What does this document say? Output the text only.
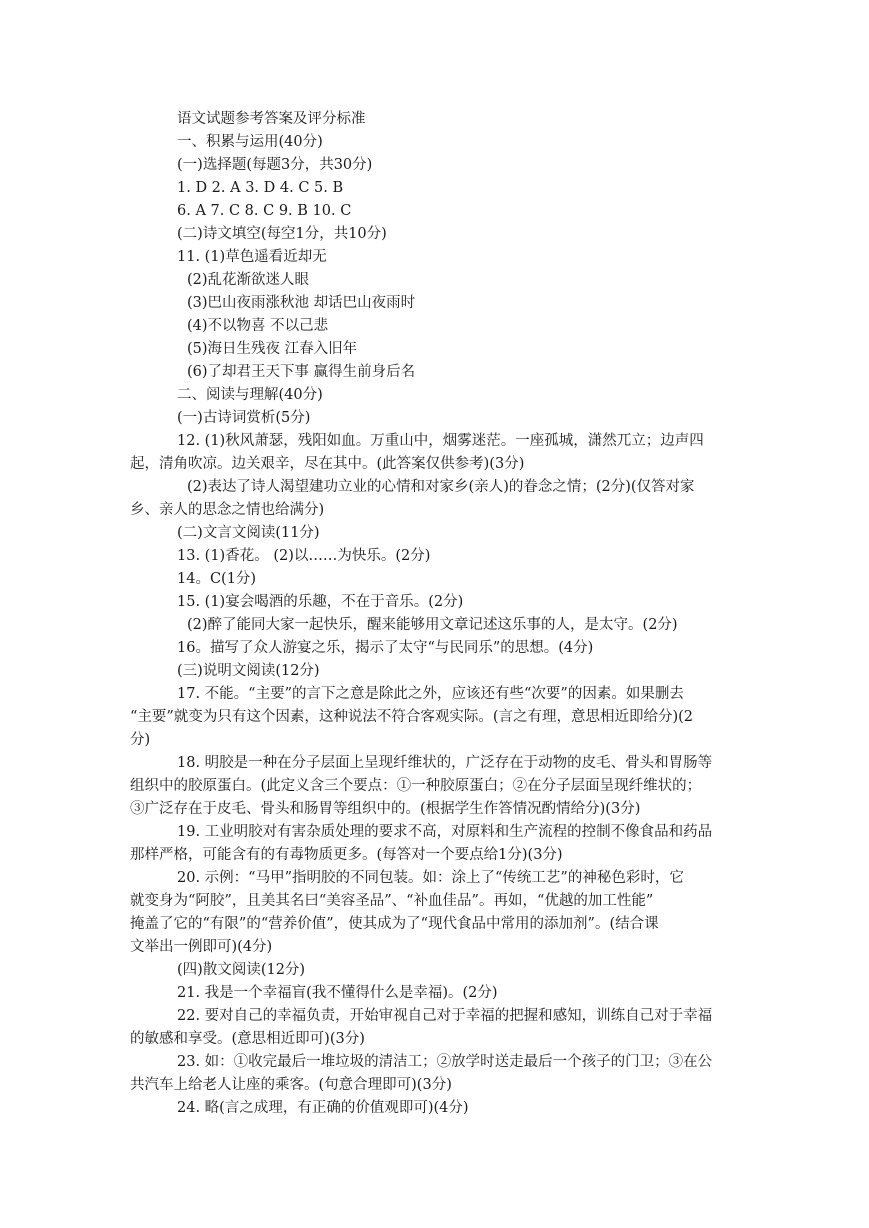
语文试题参考答案及评分标准
一、积累与运用(40分)
(一)选择题(每题3分，共30分)
1. D 2. A 3. D 4. C 5. B
6. A 7. C 8. C 9. B 10. C
(二)诗文填空(每空1分，共10分)
11. (1)草色遥看近却无
(2)乱花渐欲迷人眼
(3)巴山夜雨涨秋池 却话巴山夜雨时
(4)不以物喜 不以己悲
(5)海日生残夜 江春入旧年
(6)了却君王天下事 赢得生前身后名
二、阅读与理解(40分)
(一)古诗词赏析(5分)
12. (1)秋风萧瑟，残阳如血。万重山中，烟雾迷茫。一座孤城，潇然兀立；边声四
起，清角吹凉。边关艰辛，尽在其中。(此答案仅供参考)(3分)
(2)表达了诗人渴望建功立业的心情和对家乡(亲人)的眷念之情；(2分)(仅答对家
乡、亲人的思念之情也给满分)
(二)文言文阅读(11分)
13. (1)香花。 (2)以……为快乐。(2分)
14。C(1分)
15. (1)宴会喝酒的乐趣，不在于音乐。(2分)
(2)醉了能同大家一起快乐，醒来能够用文章记述这乐事的人，是太守。(2分)
16。描写了众人游宴之乐，揭示了太守“与民同乐”的思想。(4分)
(三)说明文阅读(12分)
17. 不能。“主要”的言下之意是除此之外，应该还有些“次要”的因素。如果删去
“主要”就变为只有这个因素，这种说法不符合客观实际。(言之有理，意思相近即给分)(2
分)
18. 明胶是一种在分子层面上呈现纤维状的，广泛存在于动物的皮毛、骨头和胃肠等
组织中的胶原蛋白。(此定义含三个要点：①一种胶原蛋白；②在分子层面呈现纤维状的；
③广泛存在于皮毛、骨头和肠胃等组织中的。(根据学生作答情况酌情给分)(3分)
19. 工业明胶对有害杂质处理的要求不高，对原料和生产流程的控制不像食品和药品
那样严格，可能含有的有毒物质更多。(每答对一个要点给1分)(3分)
20. 示例：“马甲”指明胶的不同包装。如：涂上了“传统工艺”的神秘色彩时，它
就变身为“阿胶”，且美其名曰“美容圣品”、“补血佳品”。再如，“优越的加工性能”
掩盖了它的“有限”的“营养价值”，使其成为了“现代食品中常用的添加剂”。(结合课
文举出一例即可)(4分)
(四)散文阅读(12分)
21. 我是一个幸福盲(我不懂得什么是幸福)。(2分)
22. 要对自己的幸福负责，开始审视自己对于幸福的把握和感知，训练自己对于幸福
的敏感和享受。(意思相近即可)(3分)
23. 如：①收完最后一堆垃圾的清洁工；②放学时送走最后一个孩子的门卫；③在公
共汽车上给老人让座的乘客。(句意合理即可)(3分)
24. 略(言之成理，有正确的价值观即可)(4分)
